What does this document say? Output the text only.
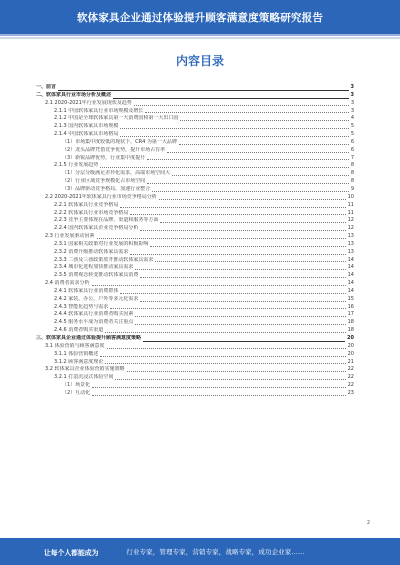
软体家具企业通过体验提升顾客满意度策略研究报告
内容目录
一、前言	3
二、软体家具行业市场分析及概述	3
2.1 2020-2021年行业发展现状及趋势	3
2.1.1 中国软体家具行业市场规模及增长	3
2.1.2 中国是全球软体家具第一大消费国和第一大出口国	4
2.1.3 国内软体家具市场规模	5
2.1.4 中国软体家具市场格局	5
（1）市场集中度较低的现状下，CR4 为第一大品牌	6
（2）龙头品牌凭借竞争优势，提升市场占有率	6
（3）新锐品牌优势，行业集中度提升	7
2.1.5 行业发展趋势	8
（1）分层分级满足差异化需求，高端市场空间大	8
（2）行业区域竞争规模化占市场空间	8
（3）品牌驱动竞争格局，加速行业整合	9
2.2 2020-2021年软体家具行业市场竞争格局分析	10
2.2.1 软体家具行业竞争格局	11
2.2.2 软体家具行业市场竞争格局	11
2.2.3 竞争主要体现在品牌、渠道和服务等方面	12
2.2.4 国内软体家具企业竞争格局分析	12
2.3 行业发展驱动因素	13
2.3.1 国家相关政策对行业发展的积极影响	13
2.3.2 消费升级推动软体家具需求	13
2.3.3 二孩及三孩政策放开推动软体家具需求	14
2.3.4 城市化进程加快推动家具需求	14
2.3.5 消费观念转变推动软体家具消费	14
2.4 消费者需求分析	14
2.4.1 软体家具行业消费群体	14
2.4.2 家装、办公、户外等多元化需求	15
2.4.3 智能化趋势与需求	16
2.4.4 软体家具行业消费者购买因素	17
2.4.5 服务水平成为消费者关注重点	18
2.4.6 消费者购买渠道	18
三、软体家具企业通过体验提升顾客满意度策略	20
3.1 体验营销与顾客满意度	20
3.1.1 体验营销概述	20
3.1.2 顾客满意度理论	21
3.2 软体家具企业体验营销实施策略	22
3.2.1 打造沉浸式体验空间	22
（1）场景化	22
（2）互动化	23
2
让每个人都能成为	行业专家，管理专家，营销专家，战略专家，成功企业家……
